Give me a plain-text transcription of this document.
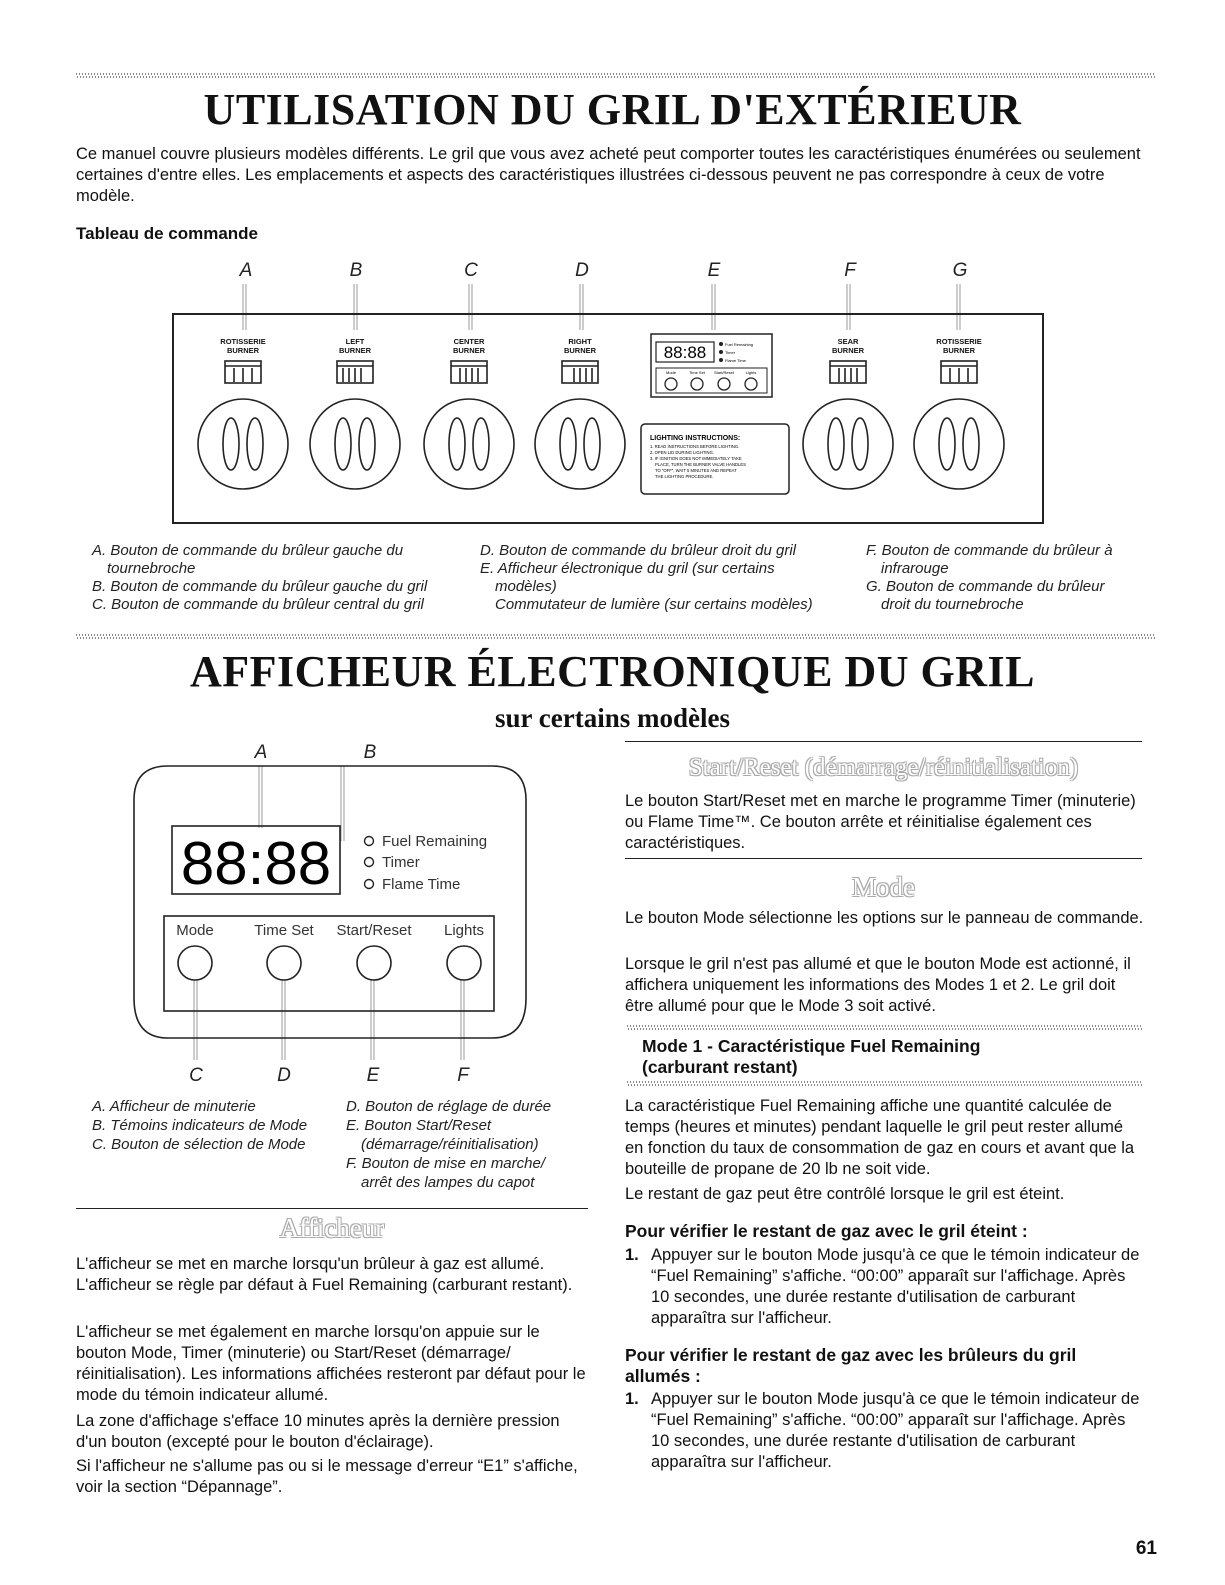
UTILISATION DU GRIL D'EXTÉRIEUR

Ce manuel couvre plusieurs modèles différents. Le gril que vous avez acheté peut comporter toutes les caractéristiques énumérées ou seulement certaines d'entre elles. Les emplacements et aspects des caractéristiques illustrées ci-dessous peuvent ne pas correspondre à ceux de votre modèle.

Tableau de commande
A	B	C	D	E	F	G
ROTISSERIE
BURNER
LEFT
BURNER
CENTER
BURNER
RIGHT
BURNER
SEAR
BURNER
ROTISSERIE
BURNER
88:88	Fuel Remaining
Timer
Flame Time
Mode	Time Set Start/Reset	Lights
LIGHTING INSTRUCTIONS:
1. READ INSTRUCTIONS BEFORE LIGHTING.
2. OPEN LID DURING LIGHTING.
3. IF IGNITION DOES NOT IMMEDIATELY TAKE
PLACE, TURN THE BURNER VALVE HANDLES
TO "OFF", WAIT 5 MINUTES AND REPEAT
THE LIGHTING PROCEDURE.
A. Bouton de commande du brûleur gauche du
tournebroche
B. Bouton de commande du brûleur gauche du gril
C. Bouton de commande du brûleur central du gril
D. Bouton de commande du brûleur droit du gril
E. Afficheur électronique du gril (sur certains
modèles)
Commutateur de lumière (sur certains modèles)
F. Bouton de commande du brûleur à
infrarouge
G. Bouton de commande du brûleur
droit du tournebroche
AFFICHEUR ÉLECTRONIQUE DU GRIL
sur certains modèles
A	B
C	D	E	F
88:88	Fuel Remaining
Timer
Flame Time
Mode	Time Set Start/Reset Lights
A. Afficheur de minuterie
B. Témoins indicateurs de Mode
C. Bouton de sélection de Mode
D. Bouton de réglage de durée
E. Bouton Start/Reset
(démarrage/réinitialisation)
F. Bouton de mise en marche/
arrêt des lampes du capot
Afficheur

L'afficheur se met en marche lorsqu'un brûleur à gaz est allumé. L'afficheur se règle par défaut à Fuel Remaining (carburant restant).

L'afficheur se met également en marche lorsqu'on appuie sur le bouton Mode, Timer (minuterie) ou Start/Reset (démarrage/ réinitialisation). Les informations affichées resteront par défaut pour le mode du témoin indicateur allumé.

La zone d'affichage s'efface 10 minutes après la dernière pression d'un bouton (excepté pour le bouton d'éclairage).

Si l'afficheur ne s'allume pas ou si le message d'erreur “E1” s'affiche, voir la section “Dépannage”.

Start/Reset (démarrage/réinitialisation)

Le bouton Start/Reset met en marche le programme Timer (minuterie) ou Flame Time™. Ce bouton arrête et réinitialise également ces caractéristiques.

Mode

Le bouton Mode sélectionne les options sur le panneau de commande.

Lorsque le gril n'est pas allumé et que le bouton Mode est actionné, il affichera uniquement les informations des Modes 1 et 2. Le gril doit être allumé pour que le Mode 3 soit activé.

Mode 1 - Caractéristique Fuel Remaining
(carburant restant)

La caractéristique Fuel Remaining affiche une quantité calculée de temps (heures et minutes) pendant laquelle le gril peut rester allumé en fonction du taux de consommation de gaz en cours et avant que la bouteille de propane de 20 lb ne soit vide.

Le restant de gaz peut être contrôlé lorsque le gril est éteint.

Pour vérifier le restant de gaz avec le gril éteint :
1. Appuyer sur le bouton Mode jusqu'à ce que le témoin indicateur de “Fuel Remaining” s'affiche. “00:00” apparaît sur l'affichage. Après 10 secondes, une durée restante d'utilisation de carburant apparaîtra sur l'afficheur.
Pour vérifier le restant de gaz avec les brûleurs du gril allumés :
1. Appuyer sur le bouton Mode jusqu'à ce que le témoin indicateur de “Fuel Remaining” s'affiche. “00:00” apparaît sur l'affichage. Après 10 secondes, une durée restante d'utilisation de carburant apparaîtra sur l'afficheur.
61
